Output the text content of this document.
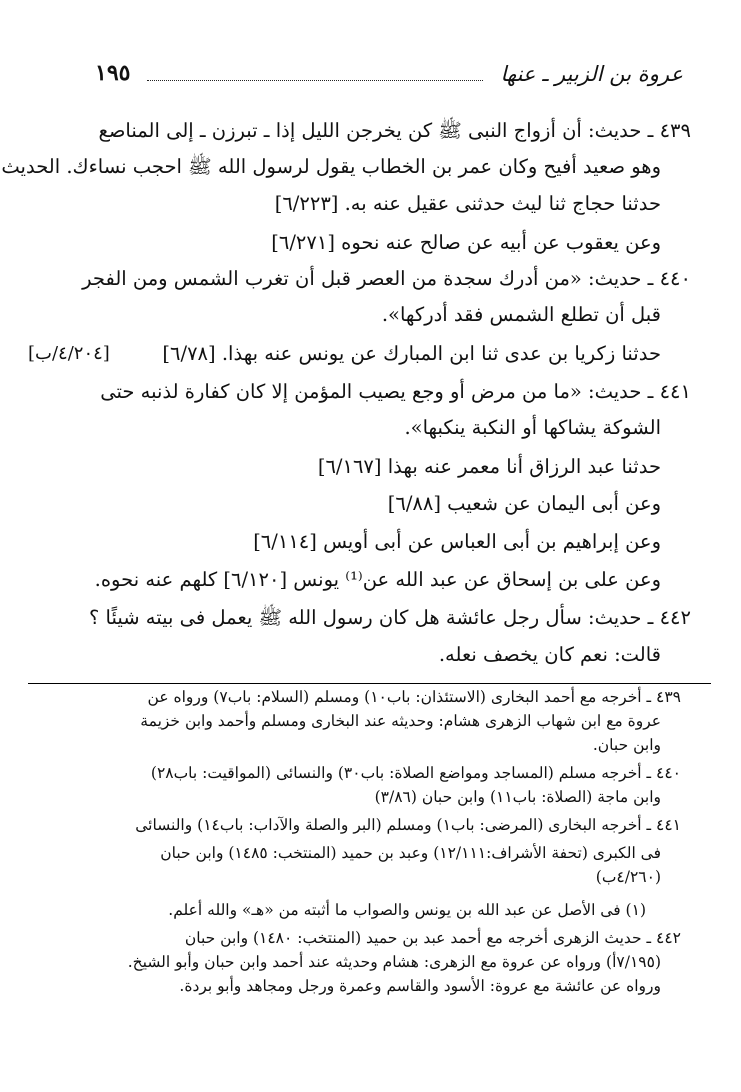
عروة بن الزبير ـ عنها
١٩٥
٤٣٩ ـ حديث: أن أزواج النبى ﷺ كن يخرجن الليل إذا ـ تبرزن ـ إلى المناصع
وهو صعيد أفيح وكان عمر بن الخطاب يقول لرسول الله ﷺ احجب نساءك. الحديث
حدثنا حجاج ثنا ليث حدثنى عقيل عنه به. [٦/٢٢٣]
وعن يعقوب عن أبيه عن صالح عنه نحوه [٦/٢٧١]
٤٤٠ ـ حديث: «من أدرك سجدة من العصر قبل أن تغرب الشمس ومن الفجر
قبل أن تطلع الشمس فقد أدركها».
حدثنا زكريا بن عدى ثنا ابن المبارك عن يونس عنه بهذا. [٦/٧٨]
[٤/٢٠٤/ب]
٤٤١ ـ حديث: «ما من مرض أو وجع يصيب المؤمن إلا كان كفارة لذنبه حتى
الشوكة يشاكها أو النكبة ينكبها».
حدثنا عبد الرزاق أنا معمر عنه بهذا [٦/١٦٧]
وعن أبى اليمان عن شعيب [٦/٨٨]
وعن إبراهيم بن أبى العباس عن أبى أويس [٦/١١٤]
وعن على بن إسحاق عن عبد الله عن⁽¹⁾ يونس [٦/١٢٠] كلهم عنه نحوه.
٤٤٢ ـ حديث: سأل رجل عائشة هل كان رسول الله ﷺ يعمل فى بيته شيئًا ؟
قالت: نعم كان يخصف نعله.
٤٣٩ ـ أخرجه مع أحمد البخارى (الاستئذان: باب١٠) ومسلم (السلام: باب٧) ورواه عن
عروة مع ابن شهاب الزهرى هشام: وحديثه عند البخارى ومسلم وأحمد وابن خزيمة
وابن حبان.
٤٤٠ ـ أخرجه مسلم (المساجد ومواضع الصلاة: باب٣٠) والنسائى (المواقيت: باب٢٨)
وابن ماجة (الصلاة: باب١١) وابن حبان (٣/٨٦)
٤٤١ ـ أخرجه البخارى (المرضى: باب١) ومسلم (البر والصلة والآداب: باب١٤) والنسائى
فى الكبرى (تحفة الأشراف:١٢/١١١) وعبد بن حميد (المنتخب: ١٤٨٥) وابن حبان
(٤/٢٦٠ب)
(١) فى الأصل عن عبد الله بن يونس والصواب ما أثبته من «هـ» والله أعلم.
٤٤٢ ـ حديث الزهرى أخرجه مع أحمد عبد بن حميد (المنتخب: ١٤٨٠) وابن حبان
(٧/١٩٥أ) ورواه عن عروة مع الزهرى: هشام وحديثه عند أحمد وابن حبان وأبو الشيخ.
ورواه عن عائشة مع عروة: الأسود والقاسم وعمرة ورجل ومجاهد وأبو بردة.
